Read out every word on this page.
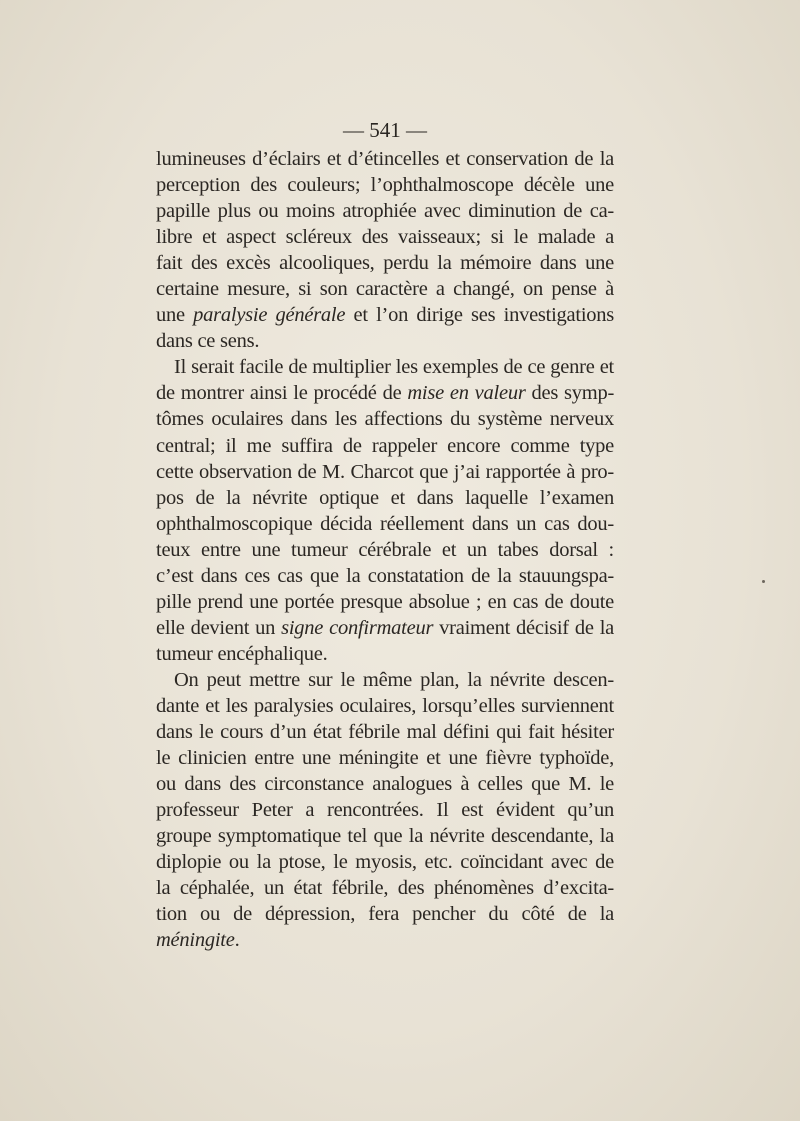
— 541 —
lumineuses d’éclairs et d’étincelles et conservation de la
perception des couleurs; l’ophthalmoscope décèle une
papille plus ou moins atrophiée avec diminution de ca-
libre et aspect scléreux des vaisseaux; si le malade a
fait des excès alcooliques, perdu la mémoire dans une
certaine mesure, si son caractère a changé, on pense à
une paralysie générale et l’on dirige ses investigations
dans ce sens.
Il serait facile de multiplier les exemples de ce genre et
de montrer ainsi le procédé de mise en valeur des symp-
tômes oculaires dans les affections du système nerveux
central; il me suffira de rappeler encore comme type
cette observation de M. Charcot que j’ai rapportée à pro-
pos de la névrite optique et dans laquelle l’examen
ophthalmoscopique décida réellement dans un cas dou-
teux entre une tumeur cérébrale et un tabes dorsal :
c’est dans ces cas que la constatation de la stauungspa-
pille prend une portée presque absolue ; en cas de doute
elle devient un signe confirmateur vraiment décisif de la
tumeur encéphalique.
On peut mettre sur le même plan, la névrite descen-
dante et les paralysies oculaires, lorsqu’elles surviennent
dans le cours d’un état fébrile mal défini qui fait hésiter
le clinicien entre une méningite et une fièvre typhoïde,
ou dans des circonstance analogues à celles que M. le
professeur Peter a rencontrées. Il est évident qu’un
groupe symptomatique tel que la névrite descendante, la
diplopie ou la ptose, le myosis, etc. coïncidant avec de
la céphalée, un état fébrile, des phénomènes d’excita-
tion ou de dépression, fera pencher du côté de la
méningite.
